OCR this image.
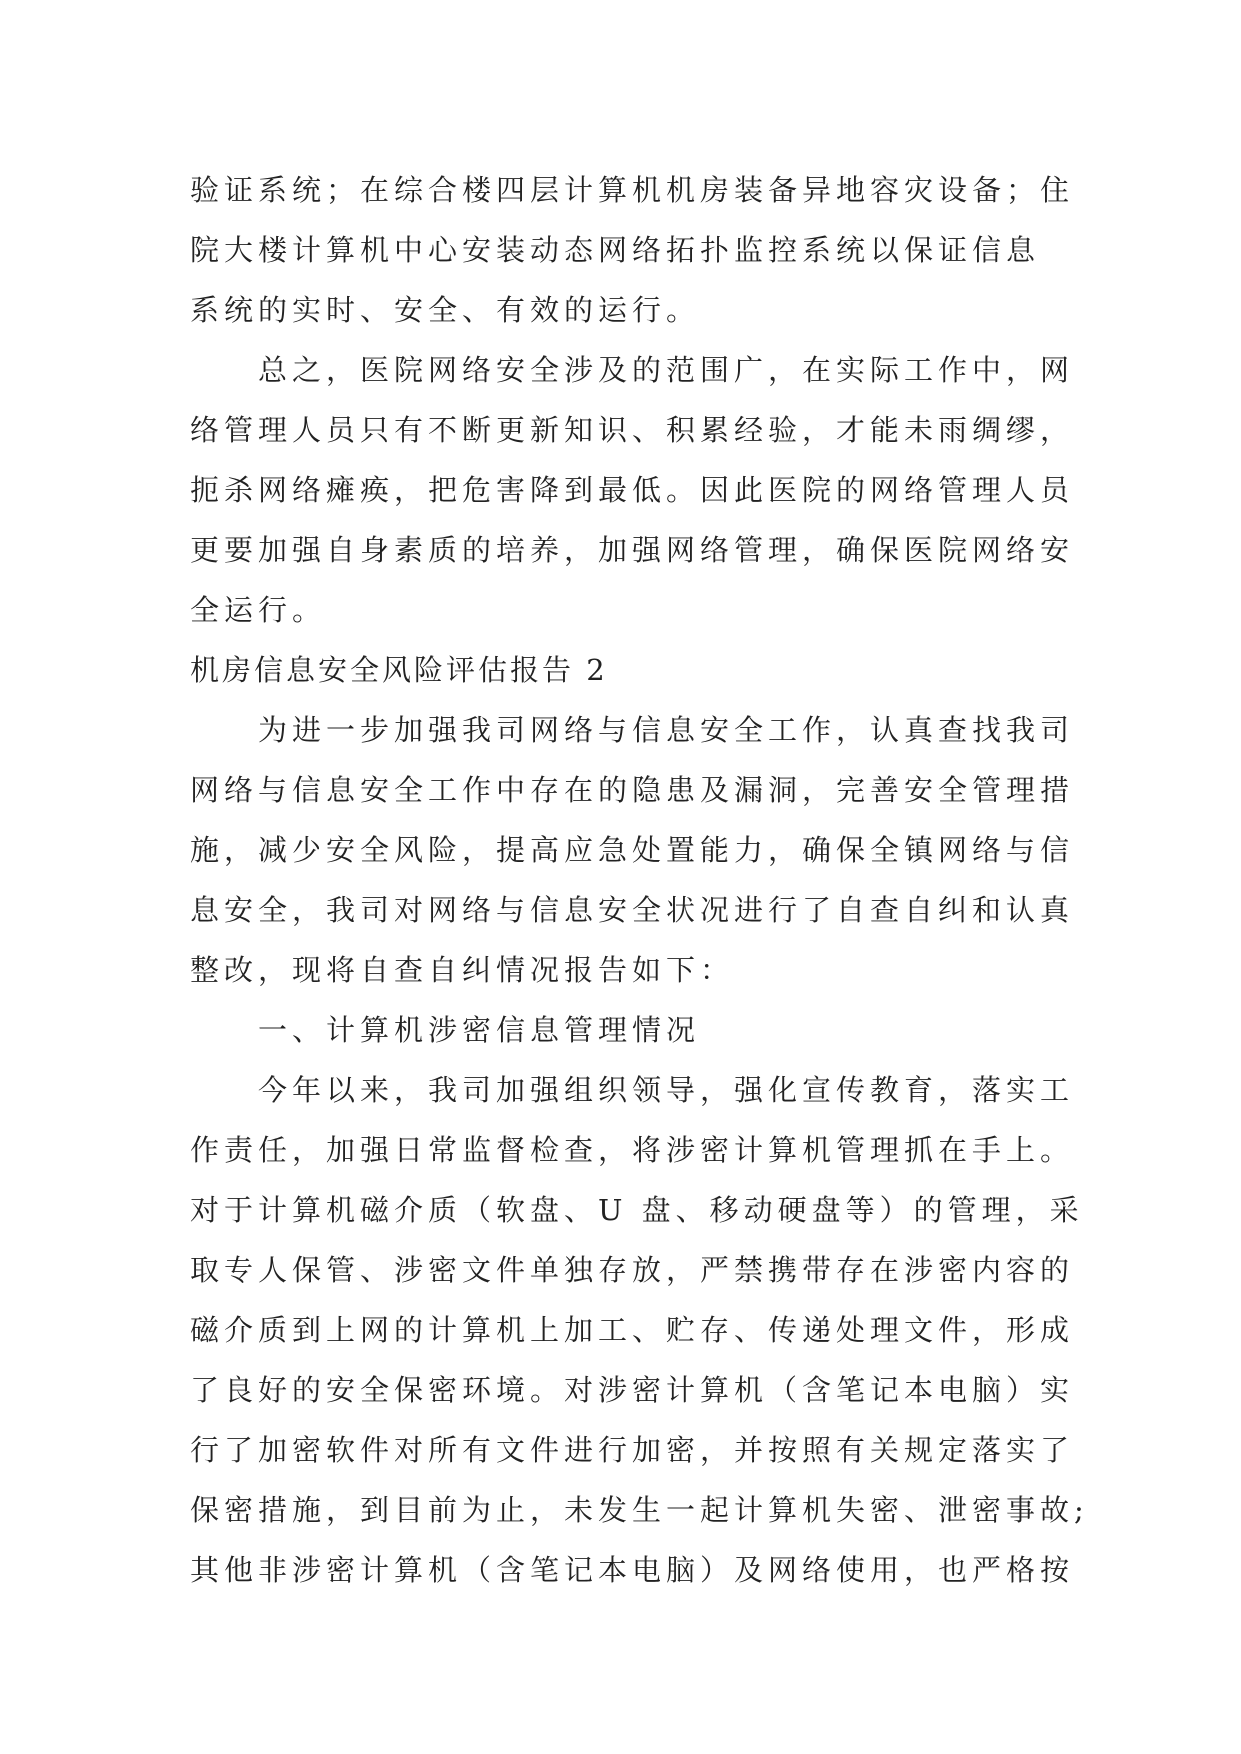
验证系统；在综合楼四层计算机机房装备异地容灾设备；住
院大楼计算机中心安装动态网络拓扑监控系统以保证信息
系统的实时、安全、有效的运行。
总之，医院网络安全涉及的范围广，在实际工作中，网
络管理人员只有不断更新知识、积累经验，才能未雨绸缪，
扼杀网络瘫痪，把危害降到最低。因此医院的网络管理人员
更要加强自身素质的培养，加强网络管理，确保医院网络安
全运行。
机房信息安全风险评估报告 2
为进一步加强我司网络与信息安全工作，认真查找我司
网络与信息安全工作中存在的隐患及漏洞，完善安全管理措
施，减少安全风险，提高应急处置能力，确保全镇网络与信
息安全，我司对网络与信息安全状况进行了自查自纠和认真
整改，现将自查自纠情况报告如下：
一、计算机涉密信息管理情况
今年以来，我司加强组织领导，强化宣传教育，落实工
作责任，加强日常监督检查，将涉密计算机管理抓在手上。
对于计算机磁介质（软盘、U 盘、移动硬盘等）的管理，采
取专人保管、涉密文件单独存放，严禁携带存在涉密内容的
磁介质到上网的计算机上加工、贮存、传递处理文件，形成
了良好的安全保密环境。对涉密计算机（含笔记本电脑）实
行了加密软件对所有文件进行加密，并按照有关规定落实了
保密措施，到目前为止，未发生一起计算机失密、泄密事故;
其他非涉密计算机（含笔记本电脑）及网络使用，也严格按
